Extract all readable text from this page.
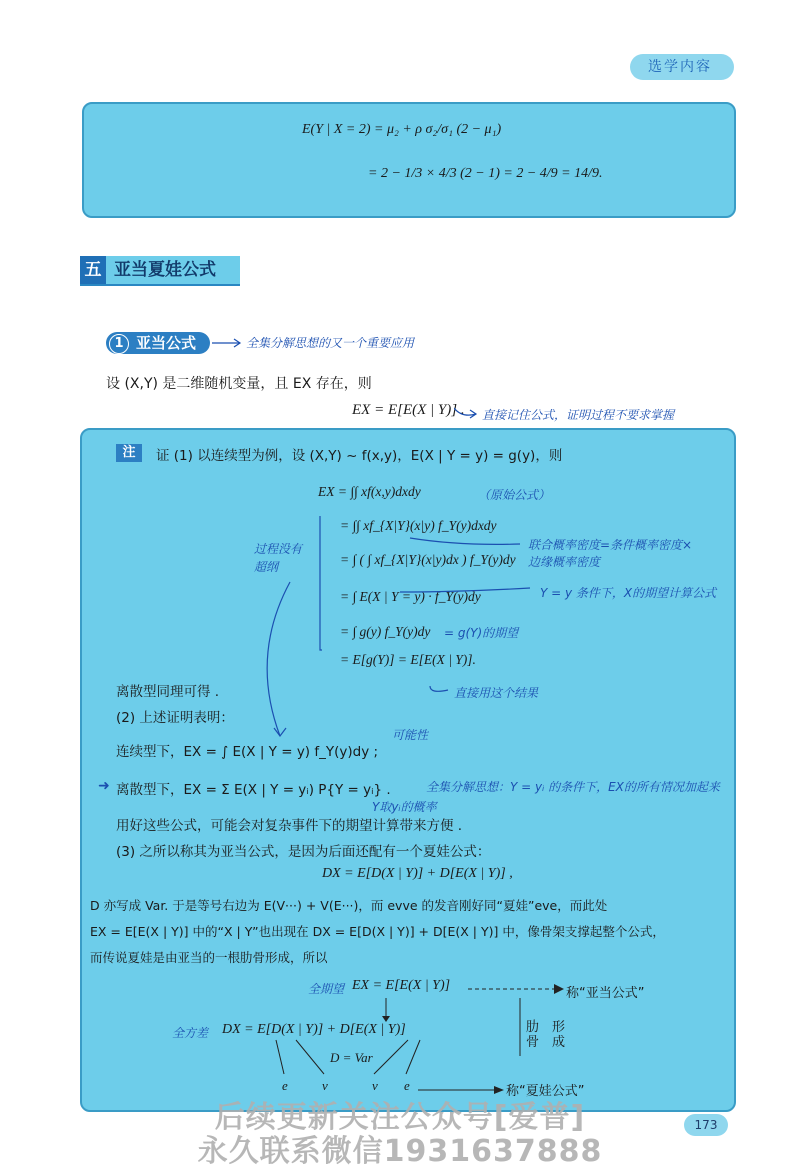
选学内容
E(Y | X = 2) = μ₂ + ρ σ₂/σ₁ (2 − μ₁)
= 2 − 1/3 × 4/3 (2 − 1) = 2 − 4/9 = 14/9.
五 亚当夏娃公式
1 亚当公式	全集分解思想的又一个重要应用
设 (X,Y) 是二维随机变量，且 EX 存在，则
EX = E[E(X | Y)] . 直接记住公式，证明过程不要求掌握
注	证 (1) 以连续型为例，设 (X,Y) ~ f(x,y)，E(X | Y = y) = g(y)，则
EX = ∫∫ xf(x,y)dxdy	（原始公式）
= ∫∫ xf_{X|Y}(x|y) f_Y(y)dxdy
= ∫ ( ∫ xf_{X|Y}(x|y)dx ) f_Y(y)dy
联合概率密度=条件概率密度×
边缘概率密度
= ∫ E(X | Y = y) · f_Y(y)dy	Y = y 条件下，X的期望计算公式
= ∫ g(y) f_Y(y)dy = g(Y)的期望
= E[g(Y)] = E[E(X | Y)].
直接用这个结果
过程没有
超纲
离散型同理可得 .
(2) 上述证明表明：
连续型下，EX = ∫ E(X | Y = y) f_Y(y)dy ;
可能性
➜ 离散型下，EX = Σ E(X | Y = yᵢ) P{Y = yᵢ} .	全集分解思想：Y = yᵢ 的条件下，EX的所有情况加起来
Y取yᵢ的概率
用好这些公式，可能会对复杂事件下的期望计算带来方便 .
(3) 之所以称其为亚当公式，是因为后面还配有一个夏娃公式：
DX = E[D(X | Y)] + D[E(X | Y)] ,
D 亦写成 Var. 于是等号右边为 E(V···) + V(E···)，而 evve 的发音刚好同“夏娃”eve，而此处
EX = E[E(X | Y)] 中的“X | Y”也出现在 DX = E[D(X | Y)] + D[E(X | Y)] 中，像骨架支撑起整个公式，
而传说夏娃是由亚当的一根肋骨形成，所以
全期望 EX = E[E(X | Y)]
称“亚当公式”
全方差 DX = E[D(X | Y)] + D[E(X | Y)]
D = Var
肋骨
形成
e	v	v e	称“夏娃公式”
173
后续更新关注公众号[爱普]
永久联系微信1931637888
